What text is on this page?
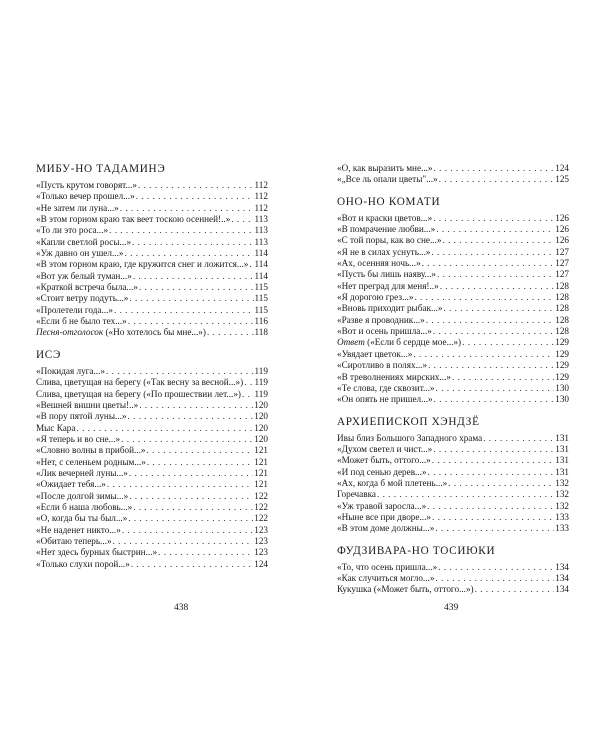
МИБУ-НО ТАДАМИНЭ
«Пусть крутом говорят...» . . .	112
«Только вечер прошел...» . . .	112
«Не затем ли луна...» . . .	112
«В этом горном краю так веет тоскою осенней!..» . . .	113
«То ли это роса...» . . .	113
«Капли светлой росы...» . . .	113
«Уж давно он ушел...» . . .	114
«В этом горном краю, где кружится снег и ложится...» . . . 114
«Вот уж белый туман...» . . .	114
«Краткой встреча была...» . . .	115
«Стоит ветру подуть...» . . .	115
«Пролетели года...» . . .	115
«Если б не было тех...» . . .	116
Песня-отголосок («Но хотелось бы мне...») . . .	118
ИСЭ
«Покидая луга...» . . .	119
Слива, цветущая на берегу («Так весну за весной...») . . . 119
Слива, цветущая на берегу («По прошествии лет...») . . . 119
«Вешней вишни цветы!..» . . .	120
«В пору пятой луны...» . . .	120
Мыс Кара . . .	120
«Я теперь и во сне...» . . .	120
«Словно волны в прибой...» . . .	121
«Нет, с селеньем родным...» . . .	121
«Лик вечерней луны...» . . .	121
«Ожидает тебя...» . . .	121
«После долгой зимы...» . . .	122
«Если б наша любовь...» . . .	122
«О, когда бы ты был...» . . .	122
«Не наденет никто...» . . .	123
«Обитаю теперь...» . . .	123
«Нет здесь бурных быстрин...» . . .	123
«Только слухи порой...» . . .	124
«О, как выразить мне...» . . .	124
«„Все ль опали цветы"...» . . .	125
ОНО-НО КОМАТИ
«Вот и краски цветов...» . . .	126
«В помрачение любви...» . . .	126
«С той поры, как во сне...» . . .	126
«Я не в силах уснуть...» . . .	127
«Ах, осенняя ночь...» . . .	127
«Пусть бы лишь наяву...» . . .	127
«Нет преград для меня!..» . . .	128
«Я дорогою грез...» . . .	128
«Вновь приходит рыбак...» . . .	128
«Разве я проводник...» . . .	128
«Вот и осень пришла...» . . .	128
Ответ («Если б сердце мое...») . . .	129
«Увядает цветок...» . . .	129
«Сиротливо в полях...» . . .	129
«В треволнениях мирских...» . . .	129
«Те слова, где сквозит...» . . .	130
«Он опять не пришел...» . . .	130
АРХИЕПИСКОП ХЭНДЗЁ
Ивы близ Большого Западного храма . . .	131
«Духом светел и чист...» . . .	131
«Может быть, оттого...» . . .	131
«И под сенью дерев...» . . .	131
«Ах, когда б мой плетень...» . . .	132
Горечавка . . .	132
«Уж травой заросла...» . . .	132
«Ныне все при дворе...» . . .	133
«В этом доме должны...» . . .	133
ФУДЗИВАРА-НО ТОСИЮКИ
«То, что осень пришла...» . . .	134
«Как случиться могло...» . . .	134
Кукушка («Может быть, оттого...») . . .	134
438	439
